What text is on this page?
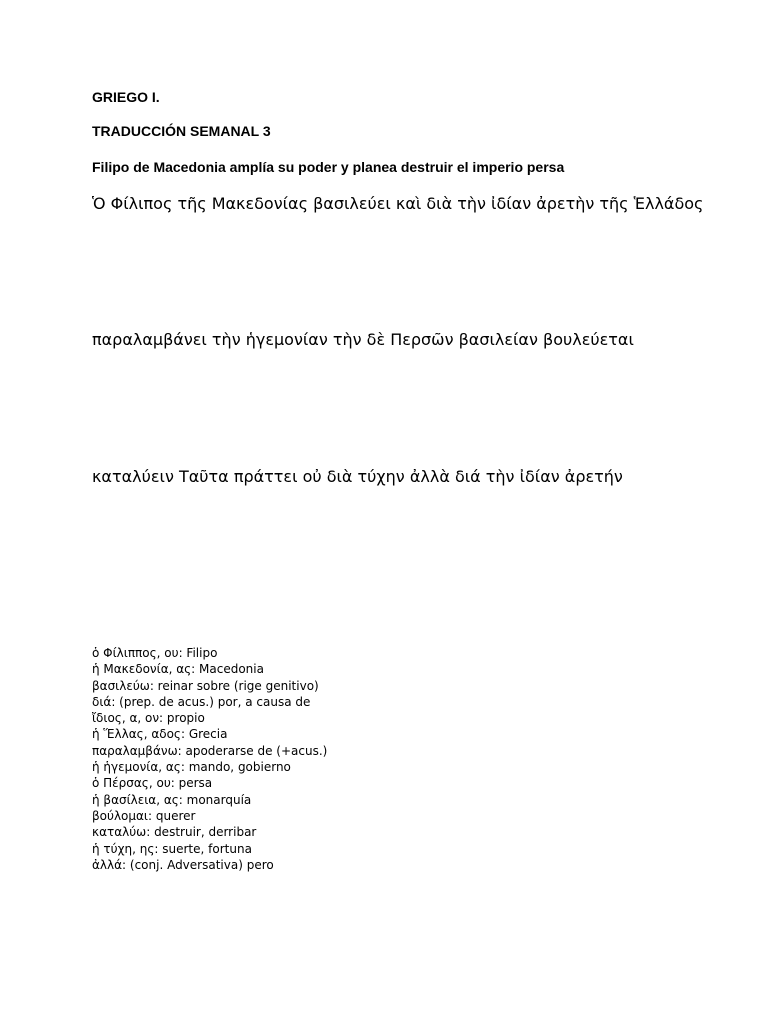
GRIEGO I.

TRADUCCIÓN SEMANAL 3

Filipo de Macedonia amplía su poder y planea destruir el imperio persa

Ὁ Φίλιπος τῆς Μακεδονίας βασιλεύει καὶ διὰ τὴν ἰδίαν ἀρετὴν τῆς Ἑλλάδος

παραλαμβάνει τὴν ἡγεμονίαν τὴν δὲ Περσῶν βασιλείαν βουλεύεται

καταλύειν Ταῦτα πράττει οὐ διὰ τύχην ἀλλὰ διά τὴν ἰδίαν ἀρετήν

ὁ Φίλιππος, ου: Filipo
ἡ Μακεδονία, ας: Macedonia
βασιλεύω: reinar sobre (rige genitivo)
διά: (prep. de acus.) por, a causa de
ἴδιος, α, ον: propio
ἡ Ἕλλας, αδος: Grecia
παραλαμβάνω: apoderarse de (+acus.)
ἡ ἡγεμονία, ας: mando, gobierno
ὁ Πέρσας, ου: persa
ἡ βασίλεια, ας: monarquía
βούλομαι: querer
καταλύω: destruir, derribar
ἡ τύχη, ης: suerte, fortuna
ἀλλά: (conj. Adversativa) pero
